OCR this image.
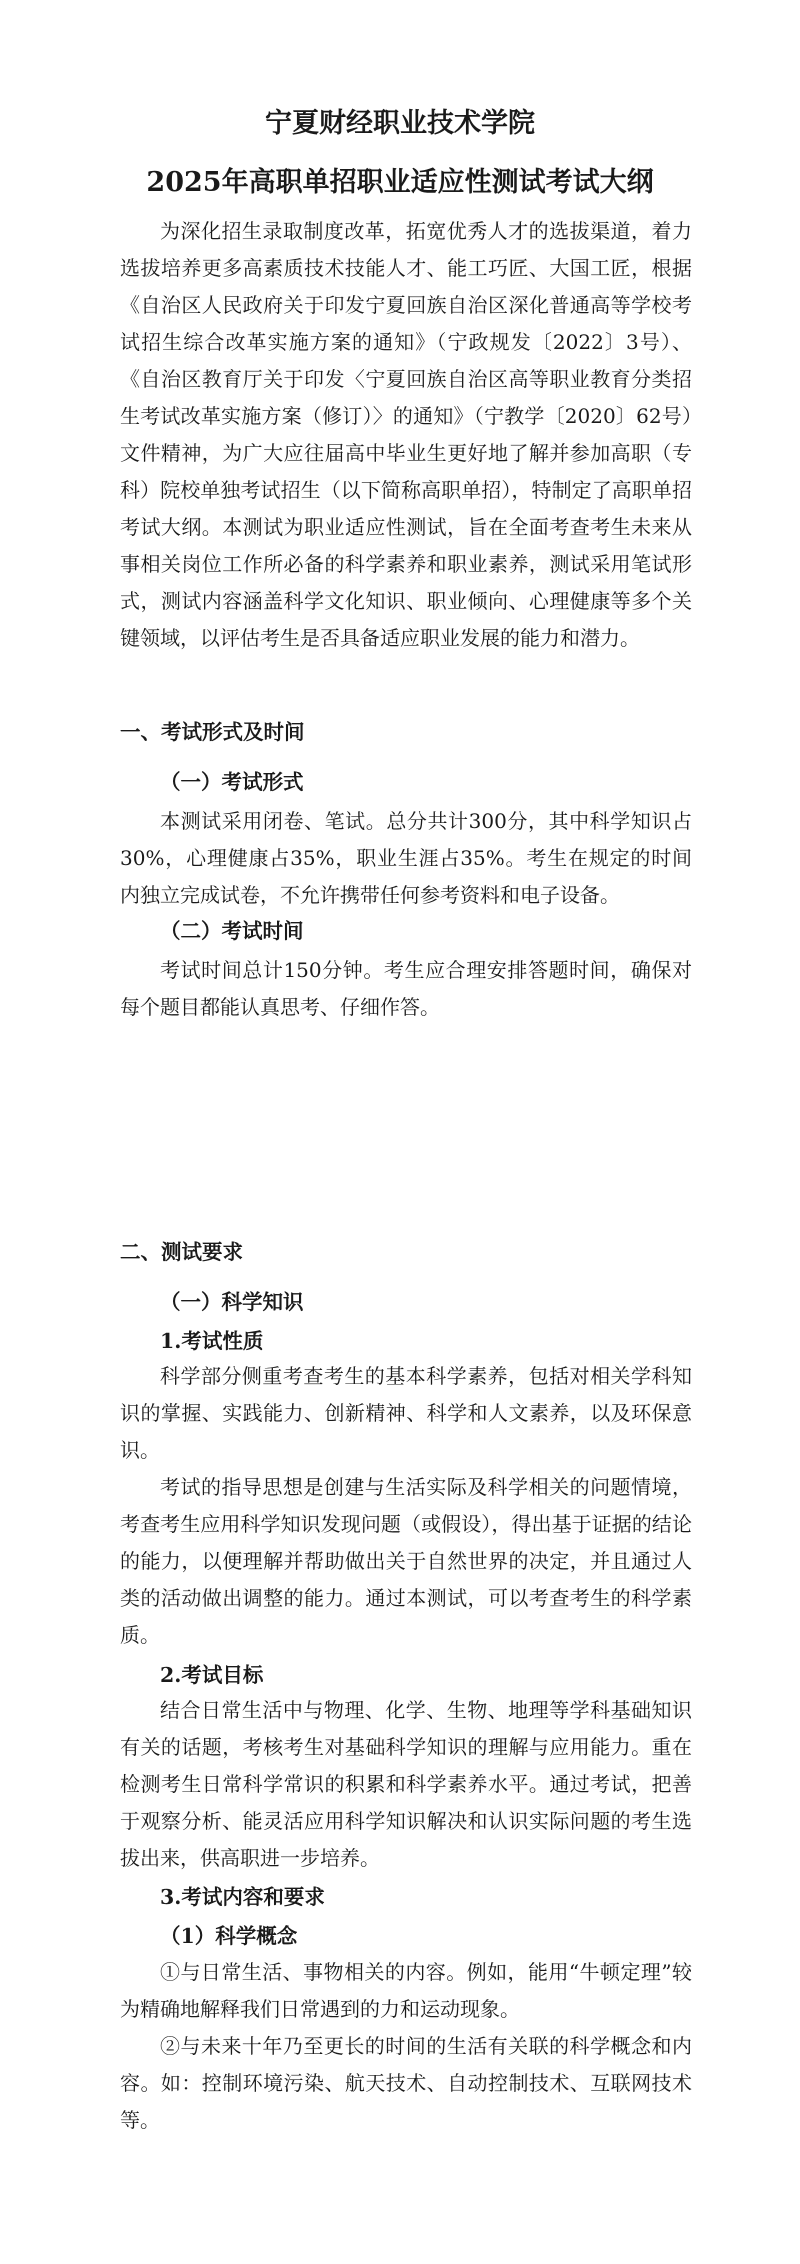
宁夏财经职业技术学院
2025年高职单招职业适应性测试考试大纲

为深化招生录取制度改革，拓宽优秀人才的选拔渠道，着力选拔培养更多高素质技术技能人才、能工巧匠、大国工匠，根据《自治区人民政府关于印发宁夏回族自治区深化普通高等学校考试招生综合改革实施方案的通知》（宁政规发〔2022〕3号）、《自治区教育厅关于印发〈宁夏回族自治区高等职业教育分类招生考试改革实施方案（修订）〉的通知》（宁教学〔2020〕62号）文件精神，为广大应往届高中毕业生更好地了解并参加高职（专科）院校单独考试招生（以下简称高职单招），特制定了高职单招考试大纲。本测试为职业适应性测试，旨在全面考查考生未来从事相关岗位工作所必备的科学素养和职业素养，测试采用笔试形式，测试内容涵盖科学文化知识、职业倾向、心理健康等多个关键领域，以评估考生是否具备适应职业发展的能力和潜力。

一、考试形式及时间
（一）考试形式

本测试采用闭卷、笔试。总分共计300分，其中科学知识占30%，心理健康占35%，职业生涯占35%。考生在规定的时间内独立完成试卷，不允许携带任何参考资料和电子设备。

（二）考试时间

考试时间总计150分钟。考生应合理安排答题时间，确保对每个题目都能认真思考、仔细作答。

二、测试要求
（一）科学知识
1.考试性质

科学部分侧重考查考生的基本科学素养，包括对相关学科知识的掌握、实践能力、创新精神、科学和人文素养，以及环保意识。

考试的指导思想是创建与生活实际及科学相关的问题情境，考查考生应用科学知识发现问题（或假设），得出基于证据的结论的能力，以便理解并帮助做出关于自然世界的决定，并且通过人类的活动做出调整的能力。通过本测试，可以考查考生的科学素质。

2.考试目标

结合日常生活中与物理、化学、生物、地理等学科基础知识有关的话题，考核考生对基础科学知识的理解与应用能力。重在检测考生日常科学常识的积累和科学素养水平。通过考试，把善于观察分析、能灵活应用科学知识解决和认识实际问题的考生选拔出来，供高职进一步培养。

3.考试内容和要求
（1）科学概念

①与日常生活、事物相关的内容。例如，能用“牛顿定理”较为精确地解释我们日常遇到的力和运动现象。

②与未来十年乃至更长的时间的生活有关联的科学概念和内容。如：控制环境污染、航天技术、自动控制技术、互联网技术等。
